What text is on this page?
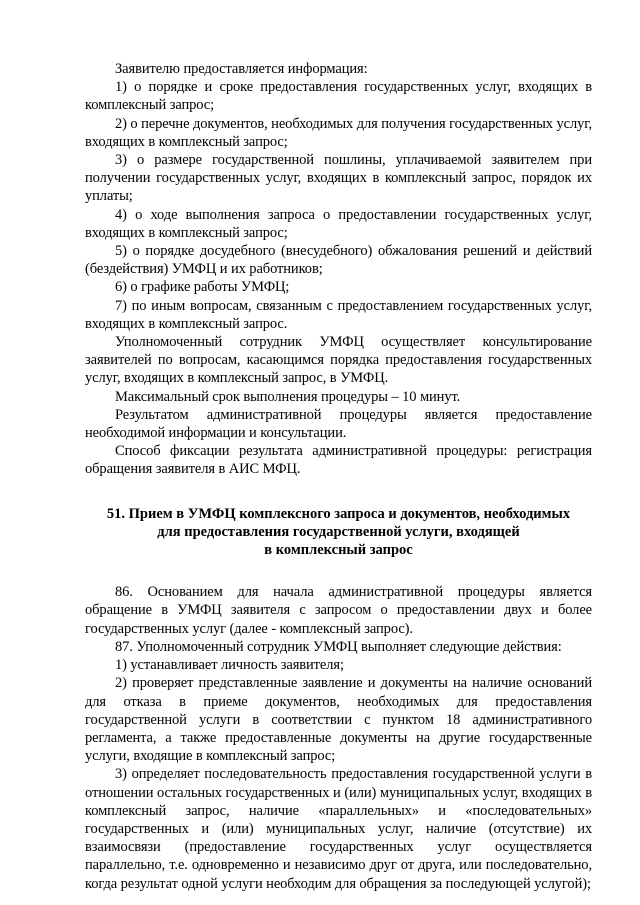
Заявителю предоставляется информация:

1) о порядке и сроке предоставления государственных услуг, входящих в комплексный запрос;

2) о перечне документов, необходимых для получения государственных услуг, входящих в комплексный запрос;

3) о размере государственной пошлины, уплачиваемой заявителем при получении государственных услуг, входящих в комплексный запрос, порядок их уплаты;

4) о ходе выполнения запроса о предоставлении государственных услуг, входящих в комплексный запрос;

5) о порядке досудебного (внесудебного) обжалования решений и действий (бездействия) УМФЦ и их работников;

6) о графике работы УМФЦ;

7) по иным вопросам, связанным с предоставлением государственных услуг, входящих в комплексный запрос.

Уполномоченный сотрудник УМФЦ осуществляет консультирование заявителей по вопросам, касающимся порядка предоставления государственных услуг, входящих в комплексный запрос, в УМФЦ.

Максимальный срок выполнения процедуры – 10 минут.

Результатом административной процедуры является предоставление необходимой информации и консультации.

Способ фиксации результата административной процедуры: регистрация обращения заявителя в АИС МФЦ.

51. Прием в УМФЦ комплексного запроса и документов, необходимых
для предоставления государственной услуги, входящей
в комплексный запрос

86. Основанием для начала административной процедуры является обращение в УМФЦ заявителя с запросом о предоставлении двух и более государственных услуг (далее - комплексный запрос).

87. Уполномоченный сотрудник УМФЦ выполняет следующие действия:

1) устанавливает личность заявителя;

2) проверяет представленные заявление и документы на наличие оснований для отказа в приеме документов, необходимых для предоставления государственной услуги в соответствии с пунктом 18 административного регламента, а также предоставленные документы на другие государственные услуги, входящие в комплексный запрос;

3) определяет последовательность предоставления государственной услуги в отношении остальных государственных и (или) муниципальных услуг, входящих в комплексный запрос, наличие «параллельных» и «последовательных» государственных и (или) муниципальных услуг, наличие (отсутствие) их взаимосвязи (предоставление государственных услуг осуществляется параллельно, т.е. одновременно и независимо друг от друга, или последовательно, когда результат одной услуги необходим для обращения за последующей услугой);
